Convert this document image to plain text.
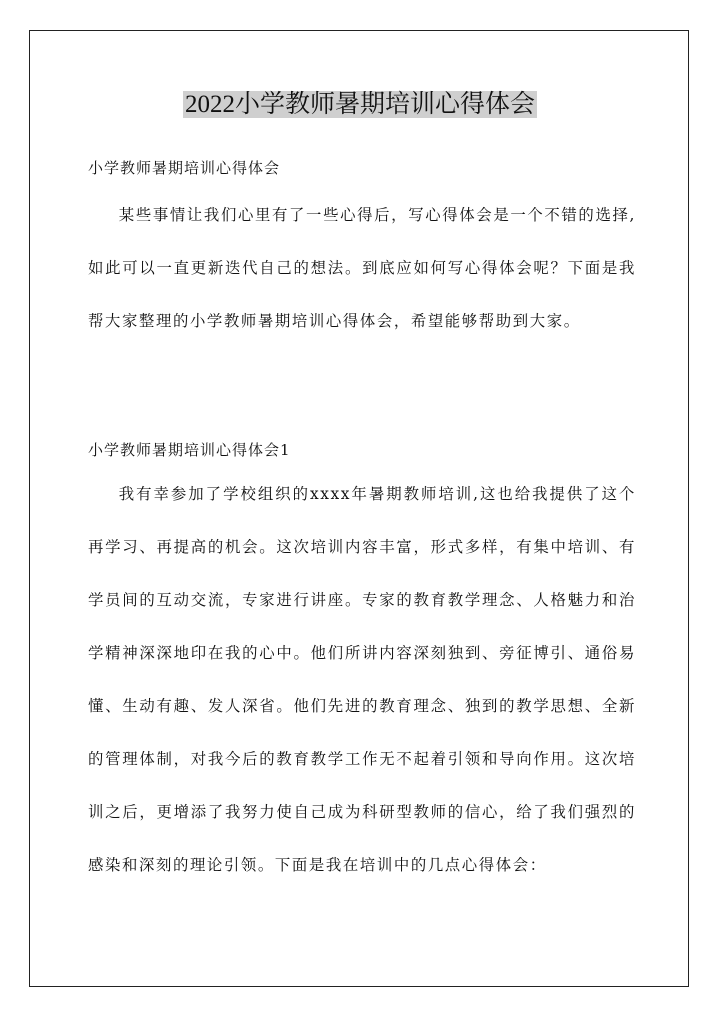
2022小学教师暑期培训心得体会
小学教师暑期培训心得体会

某些事情让我们心里有了一些心得后，写心得体会是一个不错的选择,如此可以一直更新迭代自己的想法。到底应如何写心得体会呢？下面是我帮大家整理的小学教师暑期培训心得体会，希望能够帮助到大家。

小学教师暑期培训心得体会1

我有幸参加了学校组织的xxxx年暑期教师培训,这也给我提供了这个再学习、再提高的机会。这次培训内容丰富，形式多样，有集中培训、有学员间的互动交流，专家进行讲座。专家的教育教学理念、人格魅力和治学精神深深地印在我的心中。他们所讲内容深刻独到、旁征博引、通俗易懂、生动有趣、发人深省。他们先进的教育理念、独到的教学思想、全新的管理体制，对我今后的教育教学工作无不起着引领和导向作用。这次培训之后，更增添了我努力使自己成为科研型教师的信心，给了我们强烈的感染和深刻的理论引领。下面是我在培训中的几点心得体会：
